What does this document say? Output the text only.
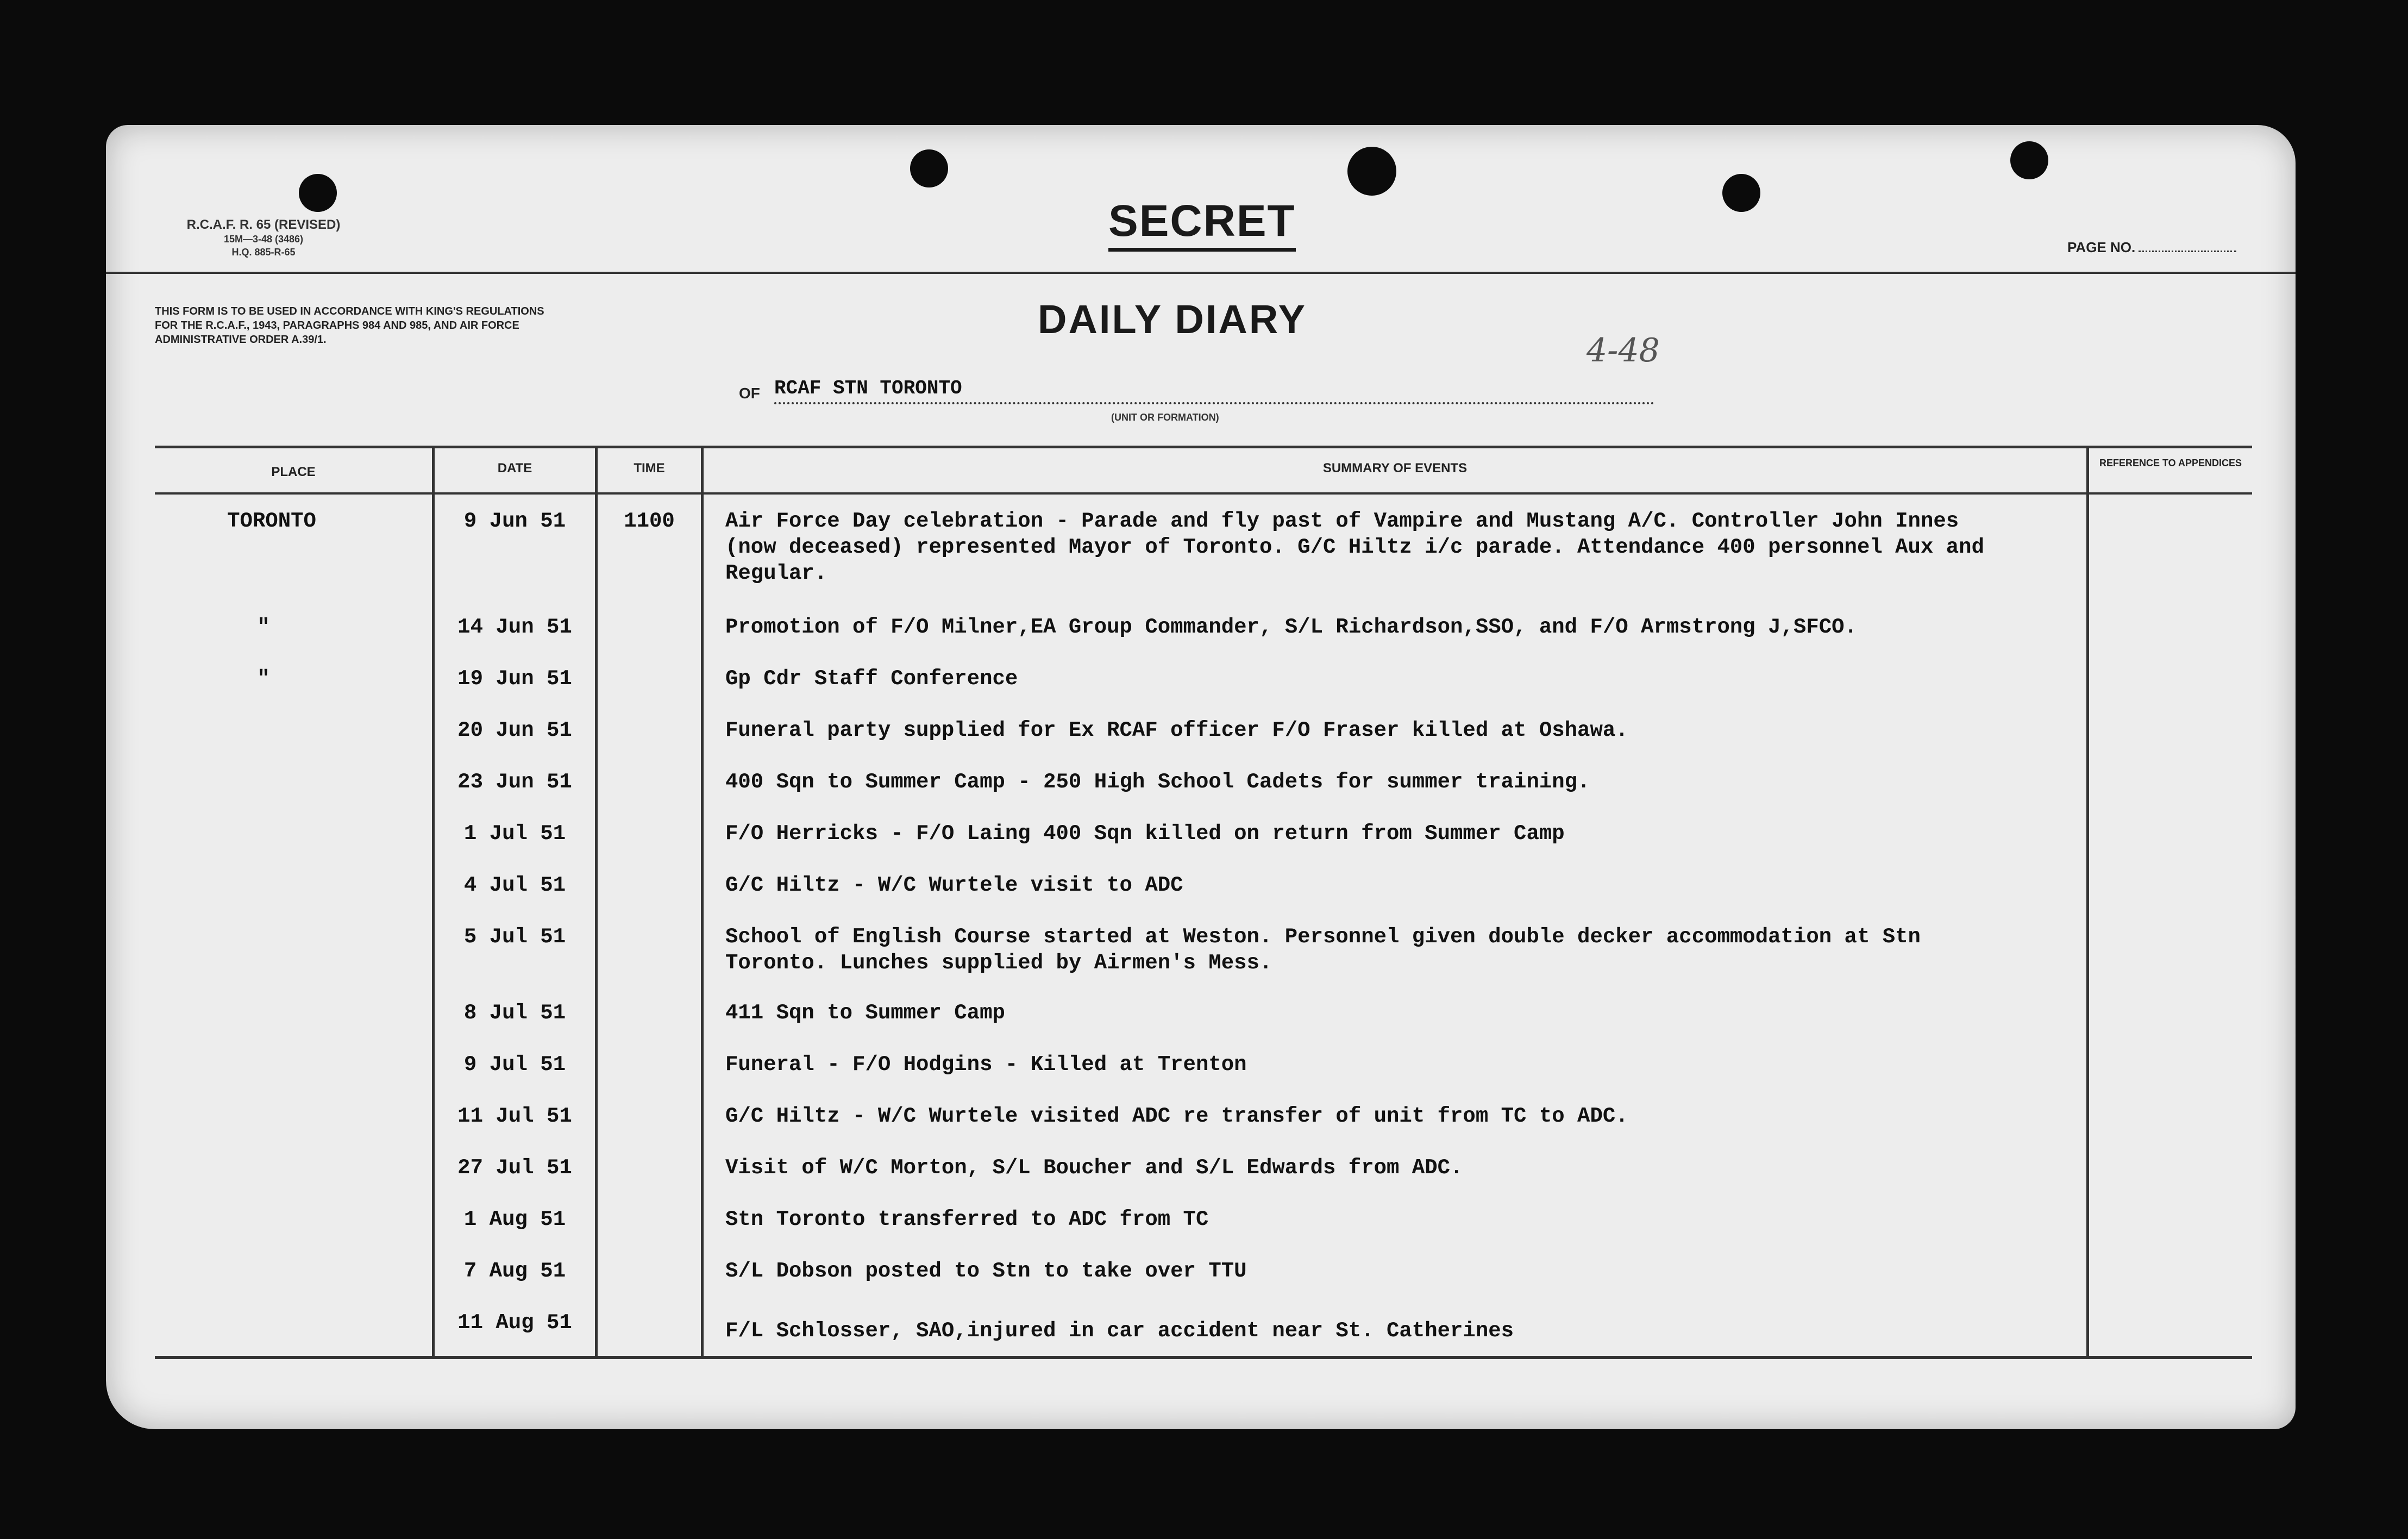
R.C.A.F. R. 65 (REVISED)
15M—3-48 (3486)
H.Q. 885-R-65
SECRET
PAGE NO.
THIS FORM IS TO BE USED IN ACCORDANCE WITH KING'S REGULATIONS FOR THE R.C.A.F., 1943, PARAGRAPHS 984 AND 985, AND AIR FORCE ADMINISTRATIVE ORDER A.39/1.	DAILY DIARY
4-48
OF RCAF STN TORONTO
(UNIT OR FORMATION)
PLACE	DATE	TIME	SUMMARY OF EVENTS	REFERENCE TO APPENDICES
TORONTO	9 Jun 51	1100	Air Force Day celebration - Parade and fly past of Vampire and Mustang A/C. Controller John Innes (now deceased) represented Mayor of Toronto. G/C Hiltz i/c parade. Attendance 400 personnel Aux and Regular.
"	14 Jun 51	Promotion of F/O Milner,EA Group Commander, S/L Richardson,SSO, and F/O Armstrong J,SFCO.
"	19 Jun 51	Gp Cdr Staff Conference
20 Jun 51	Funeral party supplied for Ex RCAF officer F/O Fraser killed at Oshawa.
23 Jun 51	400 Sqn to Summer Camp - 250 High School Cadets for summer training.
1 Jul 51	F/O Herricks - F/O Laing 400 Sqn killed on return from Summer Camp
4 Jul 51	G/C Hiltz - W/C Wurtele visit to ADC
5 Jul 51	School of English Course started at Weston. Personnel given double decker accommodation at Stn Toronto. Lunches supplied by Airmen's Mess.
8 Jul 51	411 Sqn to Summer Camp
9 Jul 51	Funeral - F/O Hodgins - Killed at Trenton
11 Jul 51	G/C Hiltz - W/C Wurtele visited ADC re transfer of unit from TC to ADC.
27 Jul 51	Visit of W/C Morton, S/L Boucher and S/L Edwards from ADC.
1 Aug 51	Stn Toronto transferred to ADC from TC
7 Aug 51	S/L Dobson posted to Stn to take over TTU
11 Aug 51	F/L Schlosser, SAO,injured in car accident near St. Catherines
